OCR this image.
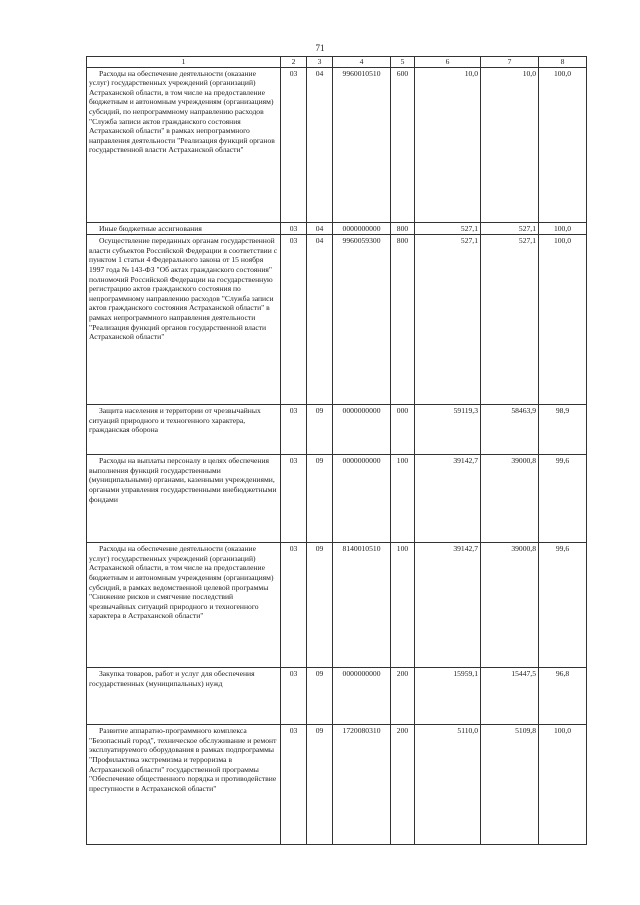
71
1	2	3	4	5	6	7	8
Расходы на обеспечение деятельности (оказание услуг) государственных учреждений (организаций) Астраханской области, в том числе на предоставление бюджетным и автономным учреждениям (организациям) субсидий, по непрограммному направлению расходов "Служба записи актов гражданского состояния Астраханской области" в рамках непрограммного направления деятельности "Реализация функций органов государственной власти Астраханской области"	03	04	9960010510	600	10,0	10,0	100,0
Иные бюджетные ассигнования	03	04	0000000000	800	527,1	527,1	100,0
Осуществление переданных органам государственной власти субъектов Российской Федерации в соответствии с пунктом 1 статьи 4 Федерального закона от 15 ноября 1997 года № 143-ФЗ "Об актах гражданского состояния" полномочий Российской Федерации на государственную регистрацию актов гражданского состояния по непрограммному направлению расходов "Служба записи актов гражданского состояния Астраханской области" в рамках непрограммного направления деятельности "Реализация функций органов государственной власти Астраханской области"	03	04	9960059300	800	527,1	527,1	100,0
Защита населения и территории от чрезвычайных ситуаций природного и техногенного характера, гражданская оборона	03	09	0000000000	000	59119,3	58463,9	98,9
Расходы на выплаты персоналу в целях обеспечения выполнения функций государственными (муниципальными) органами, казенными учреждениями, органами управления государственными внебюджетными фондами	03	09	0000000000	100	39142,7	39000,8	99,6
Расходы на обеспечение деятельности (оказание услуг) государственных учреждений (организаций) Астраханской области, в том числе на предоставление бюджетным и автономным учреждениям (организациям) субсидий, в рамках ведомственной целевой программы "Снижение рисков и смягчение последствий чрезвычайных ситуаций природного и техногенного характера в Астраханской области"	03	09	8140010510	100	39142,7	39000,8	99,6
Закупка товаров, работ и услуг для обеспечения государственных (муниципальных) нужд	03	09	0000000000	200	15959,1	15447,5	96,8
Развитие аппаратно-программного комплекса "Безопасный город", техническое обслуживание и ремонт эксплуатируемого оборудования в рамках подпрограммы "Профилактика экстремизма и терроризма в Астраханской области" государственной программы "Обеспечение общественного порядка и противодействие преступности в Астраханской области"	03	09	1720080310	200	5110,0	5109,8	100,0
